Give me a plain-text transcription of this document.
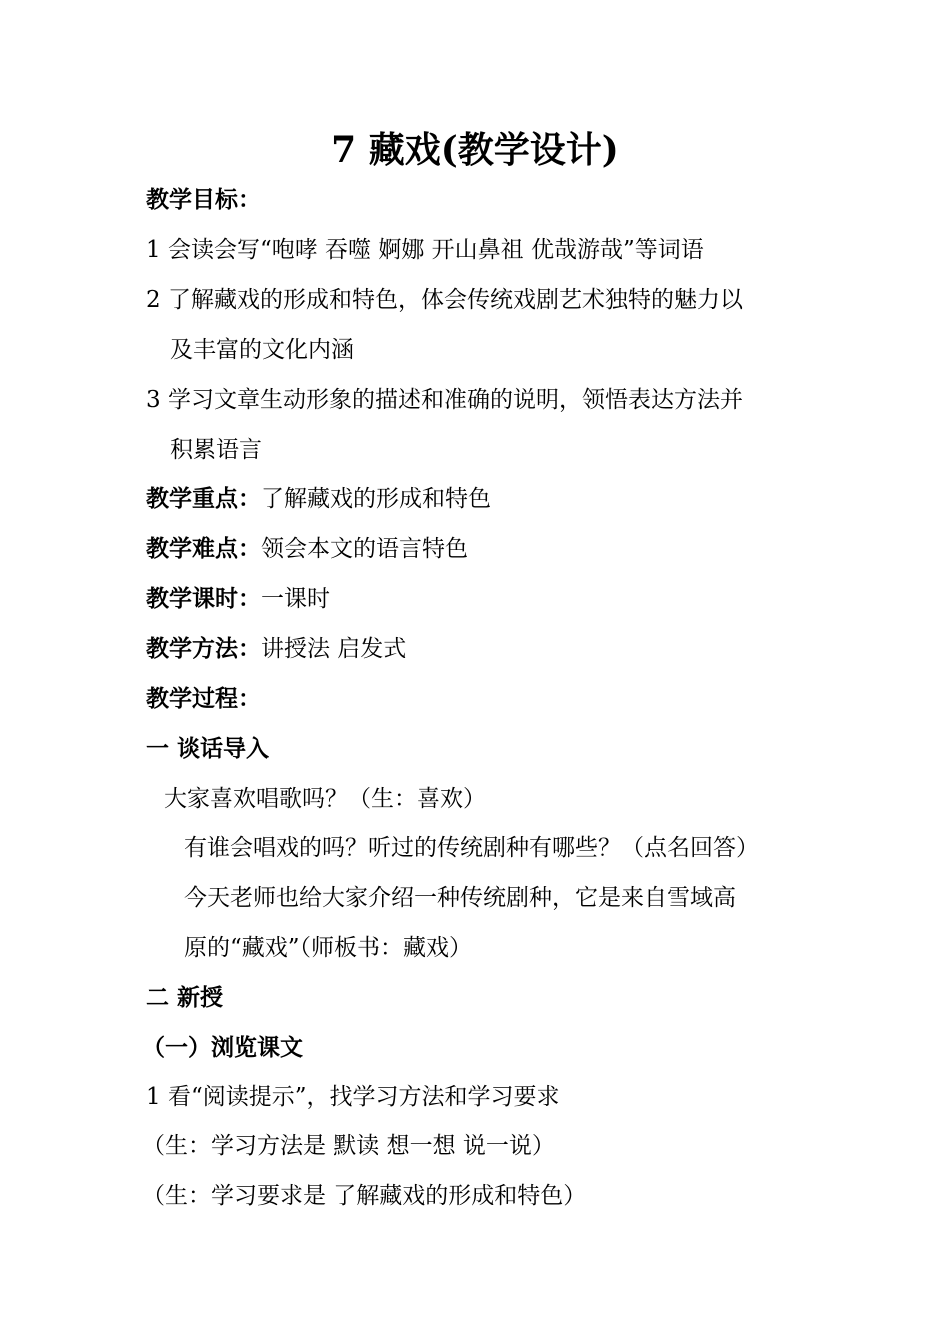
7 藏戏(教学设计)
教学目标：
1 会读会写“咆哮 吞噬 婀娜 开山鼻祖 优哉游哉”等词语
2 了解藏戏的形成和特色，体会传统戏剧艺术独特的魅力以
及丰富的文化内涵
3 学习文章生动形象的描述和准确的说明，领悟表达方法并
积累语言
教学重点：了解藏戏的形成和特色
教学难点：领会本文的语言特色
教学课时：一课时
教学方法：讲授法 启发式
教学过程：
一 谈话导入
大家喜欢唱歌吗？（生：喜欢）
有谁会唱戏的吗？听过的传统剧种有哪些？（点名回答）
今天老师也给大家介绍一种传统剧种，它是来自雪域高
原的“藏戏”（师板书：藏戏）
二 新授
（一）浏览课文
1 看“阅读提示”，找学习方法和学习要求
（生：学习方法是 默读 想一想 说一说）
（生：学习要求是 了解藏戏的形成和特色）
